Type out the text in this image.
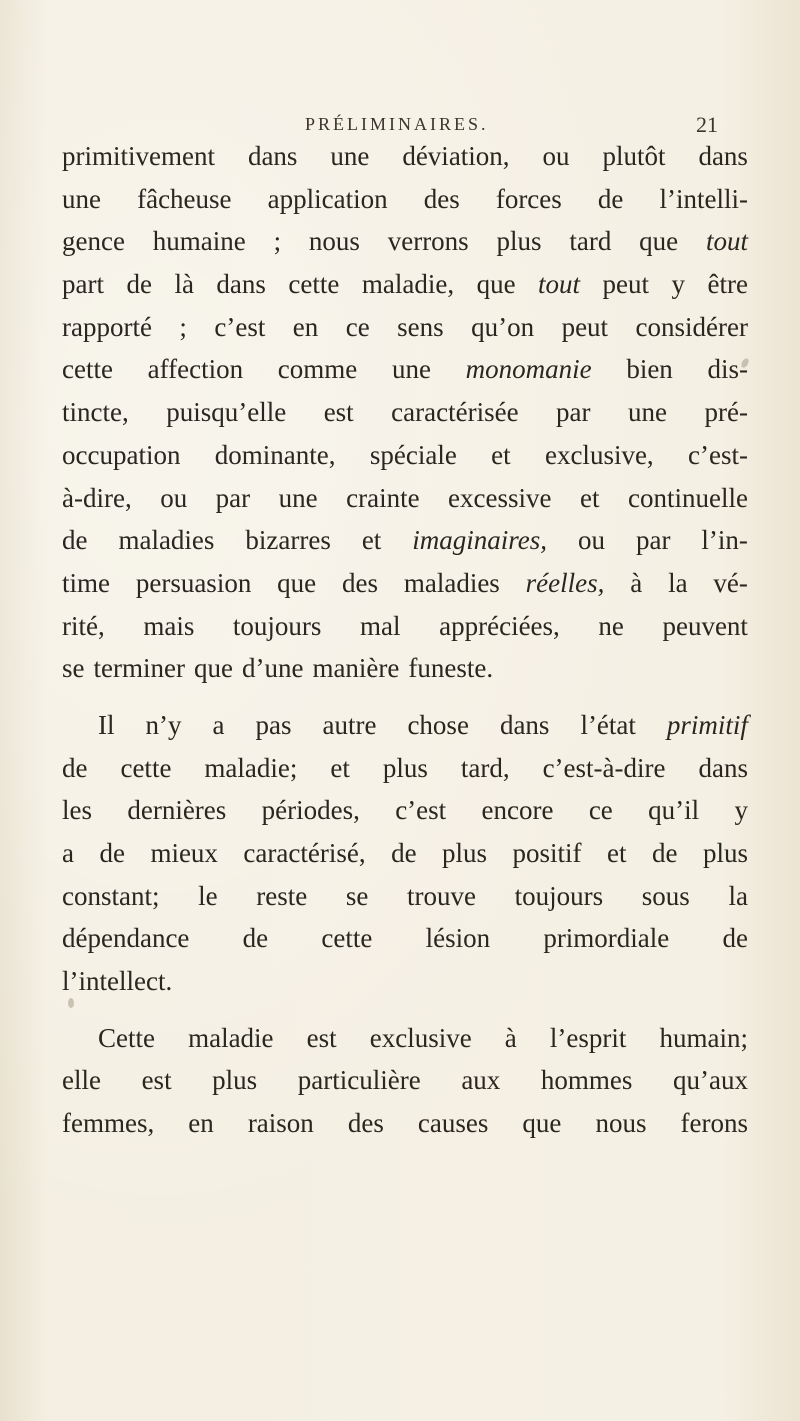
PRÉLIMINAIRES.	21
primitivement dans une déviation, ou plutôt dans
une fâcheuse application des forces de l’intelli-
gence humaine ; nous verrons plus tard que tout
part de là dans cette maladie, que tout peut y être
rapporté ; c’est en ce sens qu’on peut considérer
cette affection comme une monomanie bien dis-
tincte, puisqu’elle est caractérisée par une pré-
occupation dominante, spéciale et exclusive, c’est-
à-dire, ou par une crainte excessive et continuelle
de maladies bizarres et imaginaires, ou par l’in-
time persuasion que des maladies réelles, à la vé-
rité, mais toujours mal appréciées, ne peuvent
se terminer que d’une manière funeste.
Il n’y a pas autre chose dans l’état primitif
de cette maladie; et plus tard, c’est-à-dire dans
les dernières périodes, c’est encore ce qu’il y
a de mieux caractérisé, de plus positif et de plus
constant; le reste se trouve toujours sous la
dépendance de cette lésion primordiale de
l’intellect.
Cette maladie est exclusive à l’esprit humain;
elle est plus particulière aux hommes qu’aux
femmes, en raison des causes que nous ferons
